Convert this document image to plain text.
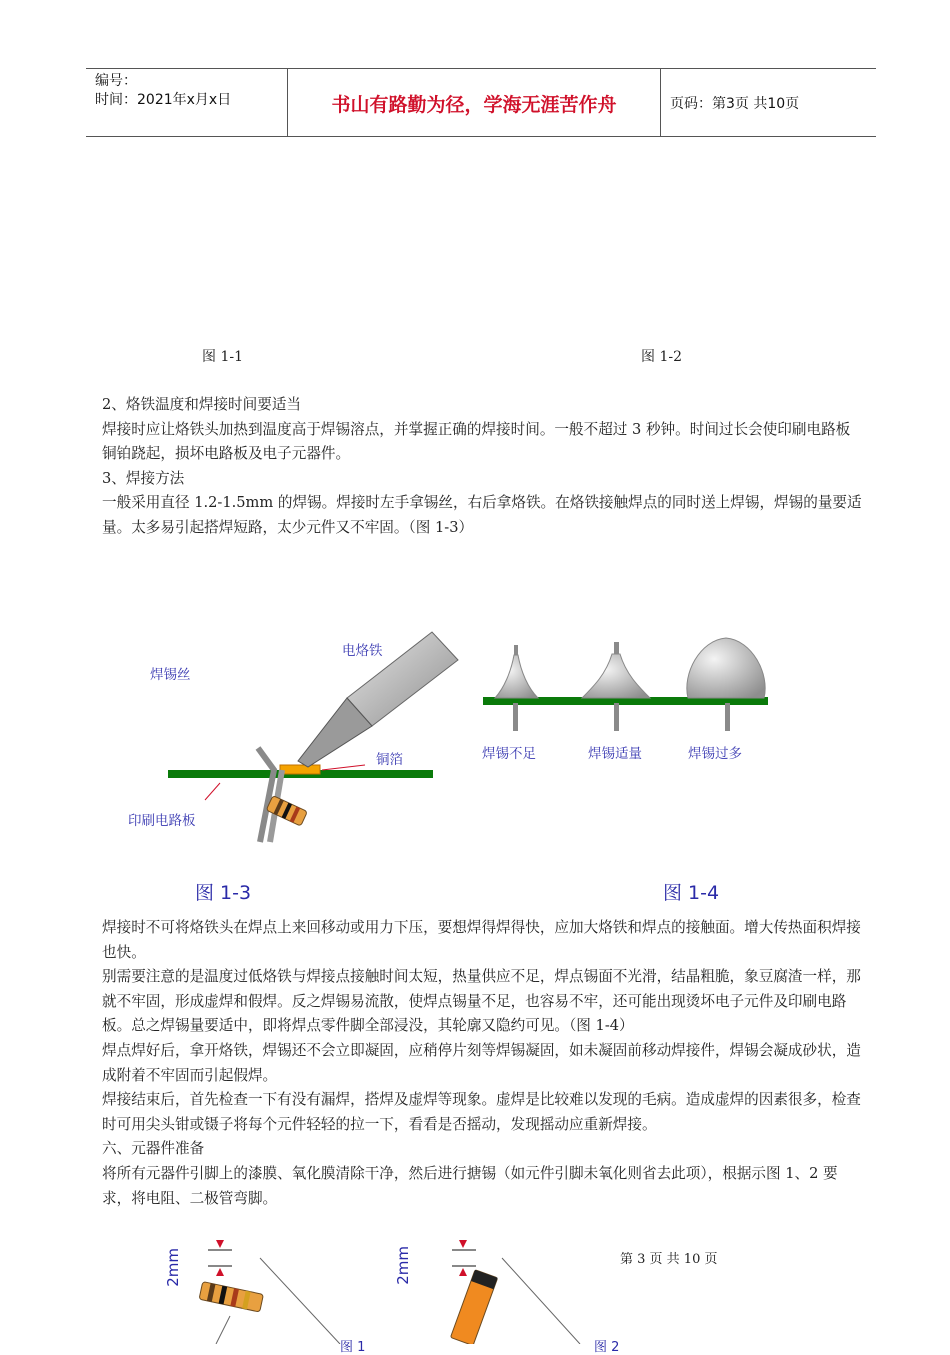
编号：
时间：2021年x月x日	书山有路勤为径，学海无涯苦作舟	页码：第3页 共10页
图 1-1	图 1-2

2、烙铁温度和焊接时间要适当

焊接时应让烙铁头加热到温度高于焊锡溶点，并掌握正确的焊接时间。一般不超过 3 秒钟。时间过长会使印刷电路板铜铂跷起，损坏电路板及电子元器件。

3、焊接方法

一般采用直径 1.2-1.5mm 的焊锡。焊接时左手拿锡丝，右后拿烙铁。在烙铁接触焊点的同时送上焊锡，焊锡的量要适量。太多易引起搭焊短路，太少元件又不牢固。（图 1-3）

焊锡丝
电烙铁
铜箔
印刷电路板
图 1-3
焊锡不足	焊锡适量	焊锡过多
图 1-4

焊接时不可将烙铁头在焊点上来回移动或用力下压，要想焊得焊得快，应加大烙铁和焊点的接触面。增大传热面积焊接也快。

别需要注意的是温度过低烙铁与焊接点接触时间太短，热量供应不足，焊点锡面不光滑，结晶粗脆，象豆腐渣一样，那就不牢固，形成虚焊和假焊。反之焊锡易流散，使焊点锡量不足，也容易不牢，还可能出现烫坏电子元件及印刷电路板。总之焊锡量要适中，即将焊点零件脚全部浸没，其轮廓又隐约可见。（图 1-4）

焊点焊好后，拿开烙铁，焊锡还不会立即凝固，应稍停片刻等焊锡凝固，如未凝固前移动焊接件，焊锡会凝成砂状，造成附着不牢固而引起假焊。

焊接结束后，首先检查一下有没有漏焊，搭焊及虚焊等现象。虚焊是比较难以发现的毛病。造成虚焊的因素很多，检查时可用尖头钳或镊子将每个元件轻轻的拉一下，看看是否摇动，发现摇动应重新焊接。

六、元器件准备

将所有元器件引脚上的漆膜、氧化膜清除干净，然后进行搪锡（如元件引脚未氧化则省去此项），根据示图 1、2 要求，将电阻、二极管弯脚。

2mm	2mm
图 1	图 2
第 3 页 共 10 页
